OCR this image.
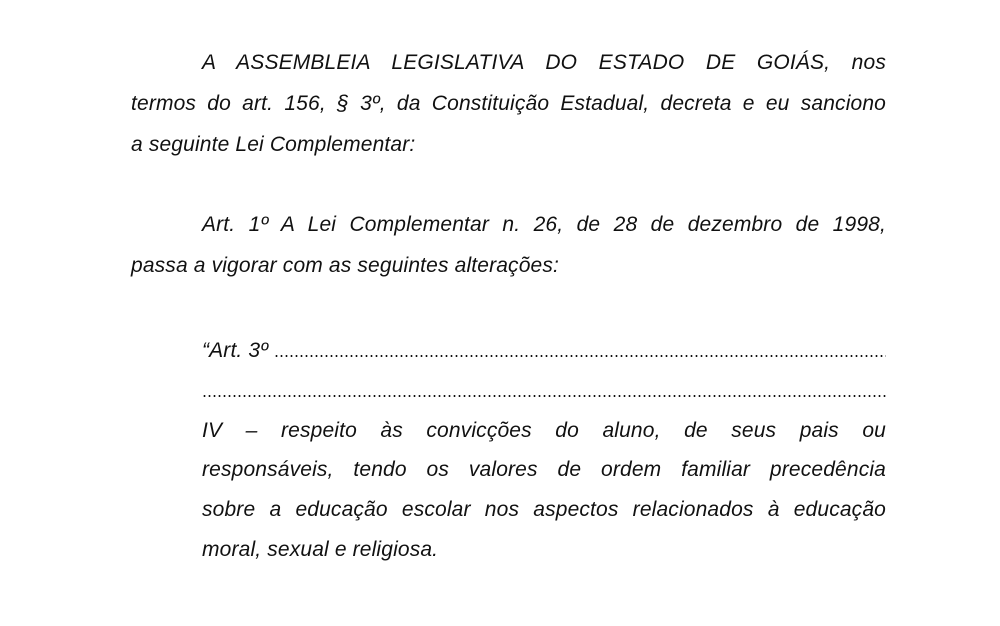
A ASSEMBLEIA LEGISLATIVA DO ESTADO DE GOIÁS, nos
termos do art. 156, § 3º, da Constituição Estadual, decreta e eu sanciono
a seguinte Lei Complementar:
Art. 1º A Lei Complementar n. 26, de 28 de dezembro de 1998,
passa a vigorar com as seguintes alterações:
“Art. 3º
IV – respeito às convicções do aluno, de seus pais ou
responsáveis, tendo os valores de ordem familiar precedência
sobre a educação escolar nos aspectos relacionados à educação
moral, sexual e religiosa.
